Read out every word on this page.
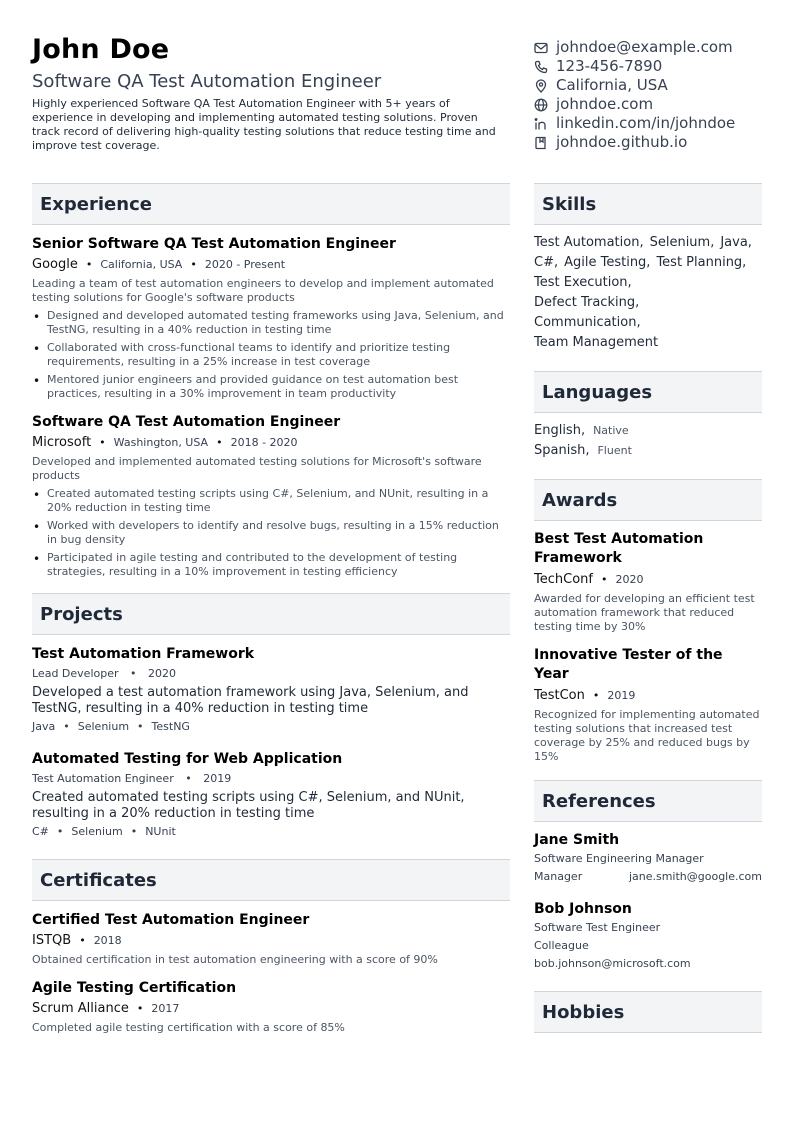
John Doe
Software QA Test Automation Engineer

Highly experienced Software QA Test Automation Engineer with 5+ years of experience in developing and implementing automated testing solutions. Proven track record of delivering high-quality testing solutions that reduce testing time and improve test coverage.

johndoe@example.com
123-456-7890
California, USA
johndoe.com
linkedin.com/in/johndoe
johndoe.github.io
Experience
Senior Software QA Test Automation Engineer
Google • California, USA • 2020 - Present

Leading a team of test automation engineers to develop and implement automated testing solutions for Google's software products

• Designed and developed automated testing frameworks using Java, Selenium, and TestNG, resulting in a 40% reduction in testing time
• Collaborated with cross-functional teams to identify and prioritize testing requirements, resulting in a 25% increase in test coverage
• Mentored junior engineers and provided guidance on test automation best practices, resulting in a 30% improvement in team productivity
Software QA Test Automation Engineer
Microsoft • Washington, USA • 2018 - 2020

Developed and implemented automated testing solutions for Microsoft's software products

• Created automated testing scripts using C#, Selenium, and NUnit, resulting in a 20% reduction in testing time
• Worked with developers to identify and resolve bugs, resulting in a 15% reduction in bug density
• Participated in agile testing and contributed to the development of testing strategies, resulting in a 10% improvement in testing efficiency
Projects
Test Automation Framework
Lead Developer • 2020

Developed a test automation framework using Java, Selenium, and TestNG, resulting in a 40% reduction in testing time

Java • Selenium • TestNG
Automated Testing for Web Application
Test Automation Engineer • 2019

Created automated testing scripts using C#, Selenium, and NUnit, resulting in a 20% reduction in testing time

C# • Selenium • NUnit
Certificates
Certified Test Automation Engineer
ISTQB • 2018

Obtained certification in test automation engineering with a score of 90%

Agile Testing Certification
Scrum Alliance • 2017

Completed agile testing certification with a score of 85%

Skills
Test Automation, Selenium, Java,
C#, Agile Testing, Test Planning,
Test Execution,
Defect Tracking,
Communication,
Team Management
Languages
English, Native
Spanish, Fluent
Awards
Best Test Automation Framework
TechConf • 2020

Awarded for developing an efficient test automation framework that reduced testing time by 30%

Innovative Tester of the Year
TestCon • 2019

Recognized for implementing automated testing solutions that increased test coverage by 25% and reduced bugs by 15%

References
Jane Smith
Software Engineering Manager
Manager	jane.smith@google.com
Bob Johnson
Software Test Engineer
Colleague
bob.johnson@microsoft.com
Hobbies
